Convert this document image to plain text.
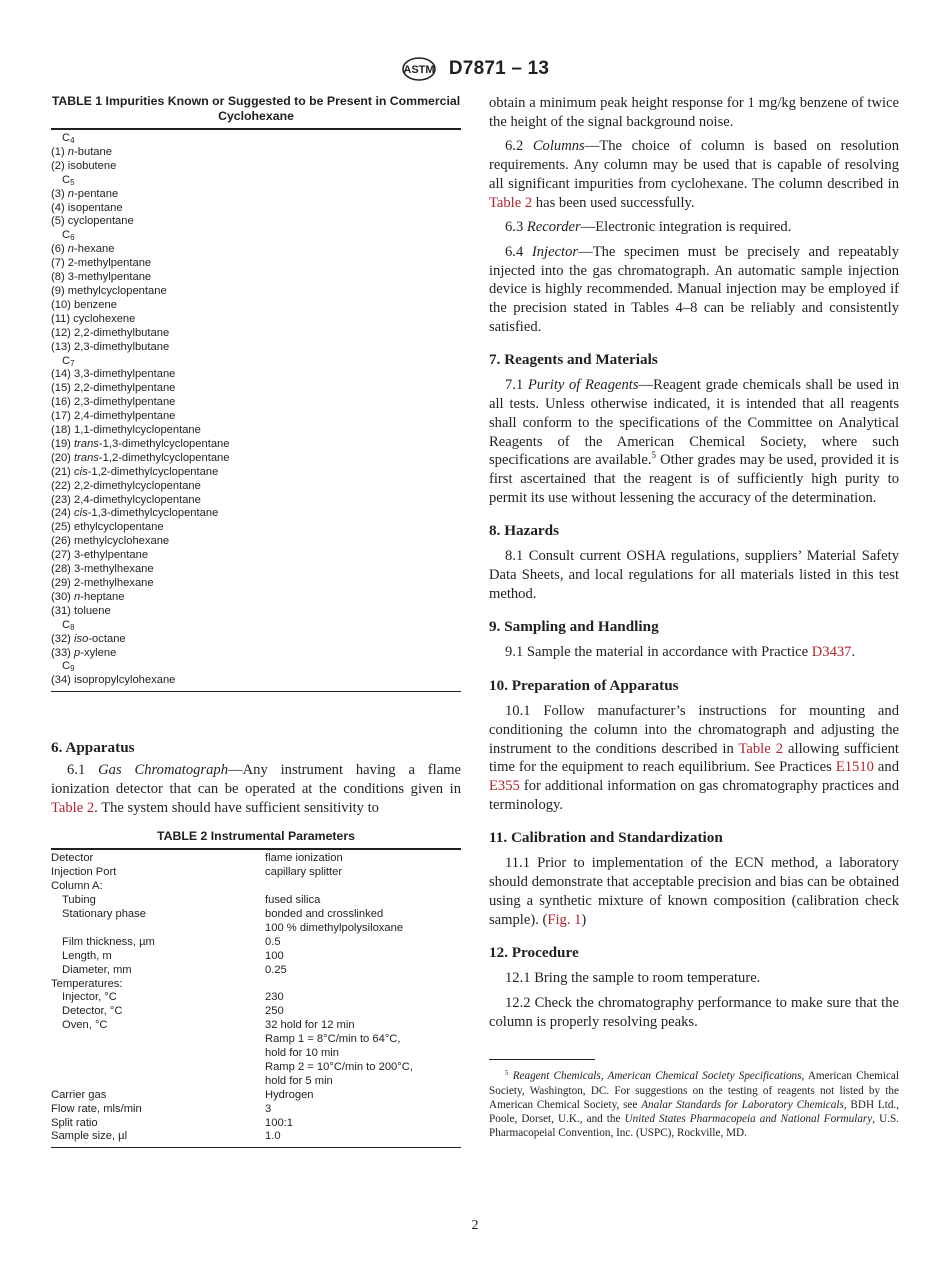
ASTM D7871 – 13
TABLE 1 Impurities Known or Suggested to be Present in Commercial Cyclohexane
$C_4$
(1) n-butane
(2) isobutene
$C_5$
(3) n-pentane
(4) isopentane
(5) cyclopentane
$C_6$
(6) n-hexane
(7) 2-methylpentane
(8) 3-methylpentane
(9) methylcyclopentane
(10) benzene
(11) cyclohexene
(12) 2,2-dimethylbutane
(13) 2,3-dimethylbutane
$C_7$
(14) 3,3-dimethylpentane
(15) 2,2-dimethylpentane
(16) 2,3-dimethylpentane
(17) 2,4-dimethylpentane
(18) 1,1-dimethylcyclopentane
(19) trans-1,3-dimethylcyclopentane
(20) trans-1,2-dimethylcyclopentane
(21) cis-1,2-dimethylcyclopentane
(22) 2,2-dimethylcyclopentane
(23) 2,4-dimethylcyclopentane
(24) cis-1,3-dimethylcyclopentane
(25) ethylcyclopentane
(26) methylcyclohexane
(27) 3-ethylpentane
(28) 3-methylhexane
(29) 2-methylhexane
(30) n-heptane
(31) toluene
$C_8$
(32) iso-octane
(33) p-xylene
$C_9$
(34) isopropylcylohexane
6. Apparatus

6.1 Gas Chromatograph—Any instrument having a flame ionization detector that can be operated at the conditions given in Table 2. The system should have sufficient sensitivity to

TABLE 2 Instrumental Parameters
Detector	flame ionization
Injection Port	capillary splitter
Column A:
Tubing	fused silica
Stationary phase	bonded and crosslinked
100 % dimethylpolysiloxane
Film thickness, µm	0.5
Length, m	100
Diameter, mm	0.25
Temperatures:
Injector, °C	230
Detector, °C	250
Oven, °C	32 hold for 12 min
Ramp 1 = 8°C/min to 64°C,
hold for 10 min
Ramp 2 = 10°C/min to 200°C,
hold for 5 min
Carrier gas	Hydrogen
Flow rate, mls/min	3
Split ratio	100:1
Sample size, µl	1.0

obtain a minimum peak height response for 1 mg/kg benzene of twice the height of the signal background noise.

6.2 Columns—The choice of column is based on resolution requirements. Any column may be used that is capable of resolving all significant impurities from cyclohexane. The column described in Table 2 has been used successfully.

6.3 Recorder—Electronic integration is required.

6.4 Injector—The specimen must be precisely and repeatably injected into the gas chromatograph. An automatic sample injection device is highly recommended. Manual injection may be employed if the precision stated in Tables 4–8 can be reliably and consistently satisfied.

7. Reagents and Materials

7.1 Purity of Reagents—Reagent grade chemicals shall be used in all tests. Unless otherwise indicated, it is intended that all reagents shall conform to the specifications of the Committee on Analytical Reagents of the American Chemical Society, where such specifications are available.$^5$ Other grades may be used, provided it is first ascertained that the reagent is of sufficiently high purity to permit its use without lessening the accuracy of the determination.

8. Hazards

8.1 Consult current OSHA regulations, suppliers’ Material Safety Data Sheets, and local regulations for all materials listed in this test method.

9. Sampling and Handling

9.1 Sample the material in accordance with Practice D3437.

10. Preparation of Apparatus

10.1 Follow manufacturer’s instructions for mounting and conditioning the column into the chromatograph and adjusting the instrument to the conditions described in Table 2 allowing sufficient time for the equipment to reach equilibrium. See Practices E1510 and E355 for additional information on gas chromatography practices and terminology.

11. Calibration and Standardization

11.1 Prior to implementation of the ECN method, a laboratory should demonstrate that acceptable precision and bias can be obtained using a synthetic mixture of known composition (calibration check sample). (Fig. 1)

12. Procedure

12.1 Bring the sample to room temperature.

12.2 Check the chromatography performance to make sure that the column is properly resolving peaks.

$^5$ Reagent Chemicals, American Chemical Society Specifications, American Chemical Society, Washington, DC. For suggestions on the testing of reagents not listed by the American Chemical Society, see Analar Standards for Laboratory Chemicals, BDH Ltd., Poole, Dorset, U.K., and the United States Pharmacopeia and National Formulary, U.S. Pharmacopeial Convention, Inc. (USPC), Rockville, MD.

2
